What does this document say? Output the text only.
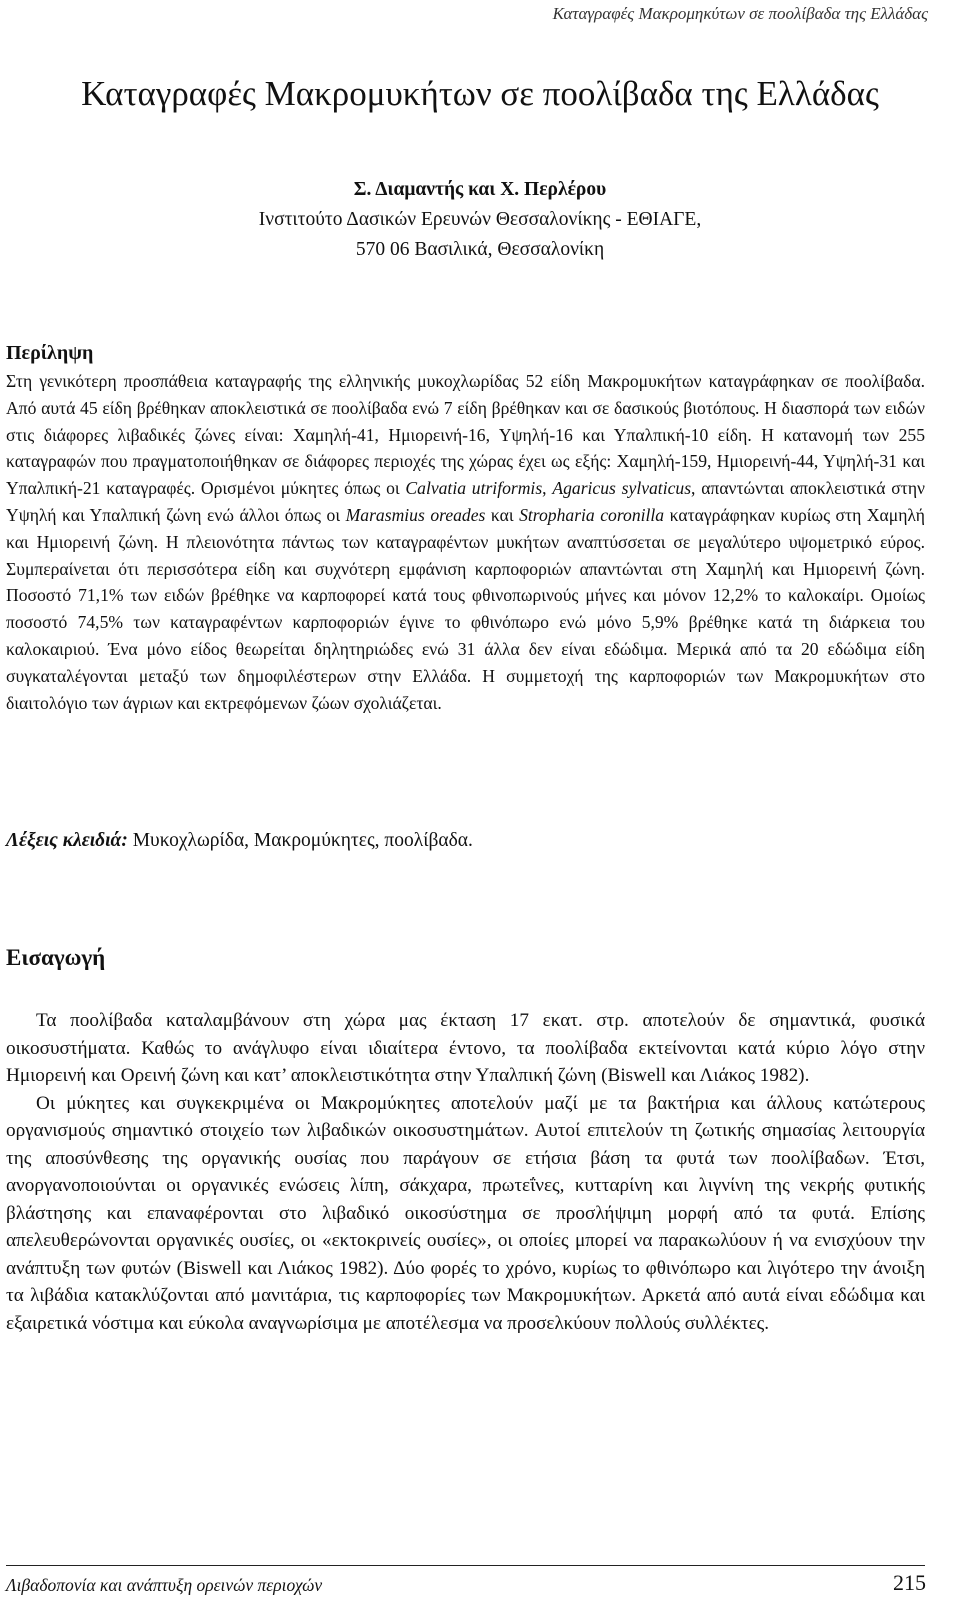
Καταγραφές Μακρομηκύτων σε ποολίβαδα της Ελλάδας
Καταγραφές Μακρομυκήτων σε ποολίβαδα της Ελλάδας
Σ. Διαμαντής και Χ. Περλέρου
Ινστιτούτο Δασικών Ερευνών Θεσσαλονίκης - ΕΘΙΑΓΕ,
570 06 Βασιλικά, Θεσσαλονίκη
Περίληψη

Στη γενικότερη προσπάθεια καταγραφής της ελληνικής μυκοχλωρίδας 52 είδη Μακρομυκήτων καταγράφηκαν σε ποολίβαδα. Από αυτά 45 είδη βρέθηκαν αποκλειστικά σε ποολίβαδα ενώ 7 είδη βρέθηκαν και σε δασικούς βιοτόπους. Η διασπορά των ειδών στις διάφορες λιβαδικές ζώνες είναι: Χαμηλή-41, Ημιορεινή-16, Υψηλή-16 και Υπαλπική-10 είδη. Η κατανομή των 255 καταγραφών που πραγματοποιήθηκαν σε διάφορες περιοχές της χώρας έχει ως εξής: Χαμηλή-159, Ημιορεινή-44, Υψηλή-31 και Υπαλπική-21 καταγραφές. Ορισμένοι μύκητες όπως οι Calvatia utriformis, Agaricus sylvaticus, απαντώνται αποκλειστικά στην Υψηλή και Υπαλπική ζώνη ενώ άλλοι όπως οι Marasmius oreades και Stropharia coronilla καταγράφηκαν κυρίως στη Χαμηλή και Ημιορεινή ζώνη. Η πλειονότητα πάντως των καταγραφέντων μυκήτων αναπτύσσεται σε μεγαλύτερο υψομετρικό εύρος. Συμπεραίνεται ότι περισσότερα είδη και συχνότερη εμφάνιση καρποφοριών απαντώνται στη Χαμηλή και Ημιορεινή ζώνη. Ποσοστό 71,1% των ειδών βρέθηκε να καρποφορεί κατά τους φθινοπωρινούς μήνες και μόνον 12,2% το καλοκαίρι. Ομοίως ποσοστό 74,5% των καταγραφέντων καρποφοριών έγινε το φθινόπωρο ενώ μόνο 5,9% βρέθηκε κατά τη διάρκεια του καλοκαιριού. Ένα μόνο είδος θεωρείται δηλητηριώδες ενώ 31 άλλα δεν είναι εδώδιμα. Μερικά από τα 20 εδώδιμα είδη συγκαταλέγονται μεταξύ των δημοφιλέστερων στην Ελλάδα. Η συμμετοχή της καρποφοριών των Μακρομυκήτων στο διαιτολόγιο των άγριων και εκτρεφόμενων ζώων σχολιάζεται.

Λέξεις κλειδιά: Μυκοχλωρίδα, Μακρομύκητες, ποολίβαδα.
Εισαγωγή

Τα ποολίβαδα καταλαμβάνουν στη χώρα μας έκταση 17 εκατ. στρ. αποτελούν δε σημαντικά, φυσικά οικοσυστήματα. Καθώς το ανάγλυφο είναι ιδιαίτερα έντονο, τα ποολίβαδα εκτείνονται κατά κύριο λόγο στην Ημιορεινή και Ορεινή ζώνη και κατ’ αποκλειστικότητα στην Υπαλπική ζώνη (Biswell και Λιάκος 1982).

Οι μύκητες και συγκεκριμένα οι Μακρομύκητες αποτελούν μαζί με τα βακτήρια και άλλους κατώτερους οργανισμούς σημαντικό στοιχείο των λιβαδικών οικοσυστημάτων. Αυτοί επιτελούν τη ζωτικής σημασίας λειτουργία της αποσύνθεσης της οργανικής ουσίας που παράγουν σε ετήσια βάση τα φυτά των ποολίβαδων. Έτσι, ανοργανοποιούνται οι οργανικές ενώσεις λίπη, σάκχαρα, πρωτεΐνες, κυτταρίνη και λιγνίνη της νεκρής φυτικής βλάστησης και επαναφέρονται στο λιβαδικό οικοσύστημα σε προσλήψιμη μορφή από τα φυτά. Επίσης απελευθερώνονται οργανικές ουσίες, οι «εκτοκρινείς ουσίες», οι οποίες μπορεί να παρακωλύουν ή να ενισχύουν την ανάπτυξη των φυτών (Biswell και Λιάκος 1982). Δύο φορές το χρόνο, κυρίως το φθινόπωρο και λιγότερο την άνοιξη τα λιβάδια κατακλύζονται από μανιτάρια, τις καρποφορίες των Μακρομυκήτων. Αρκετά από αυτά είναι εδώδιμα και εξαιρετικά νόστιμα και εύκολα αναγνωρίσιμα με αποτέλεσμα να προσελκύουν πολλούς συλλέκτες.

Λιβαδοπονία και ανάπτυξη ορεινών περιοχών	215
